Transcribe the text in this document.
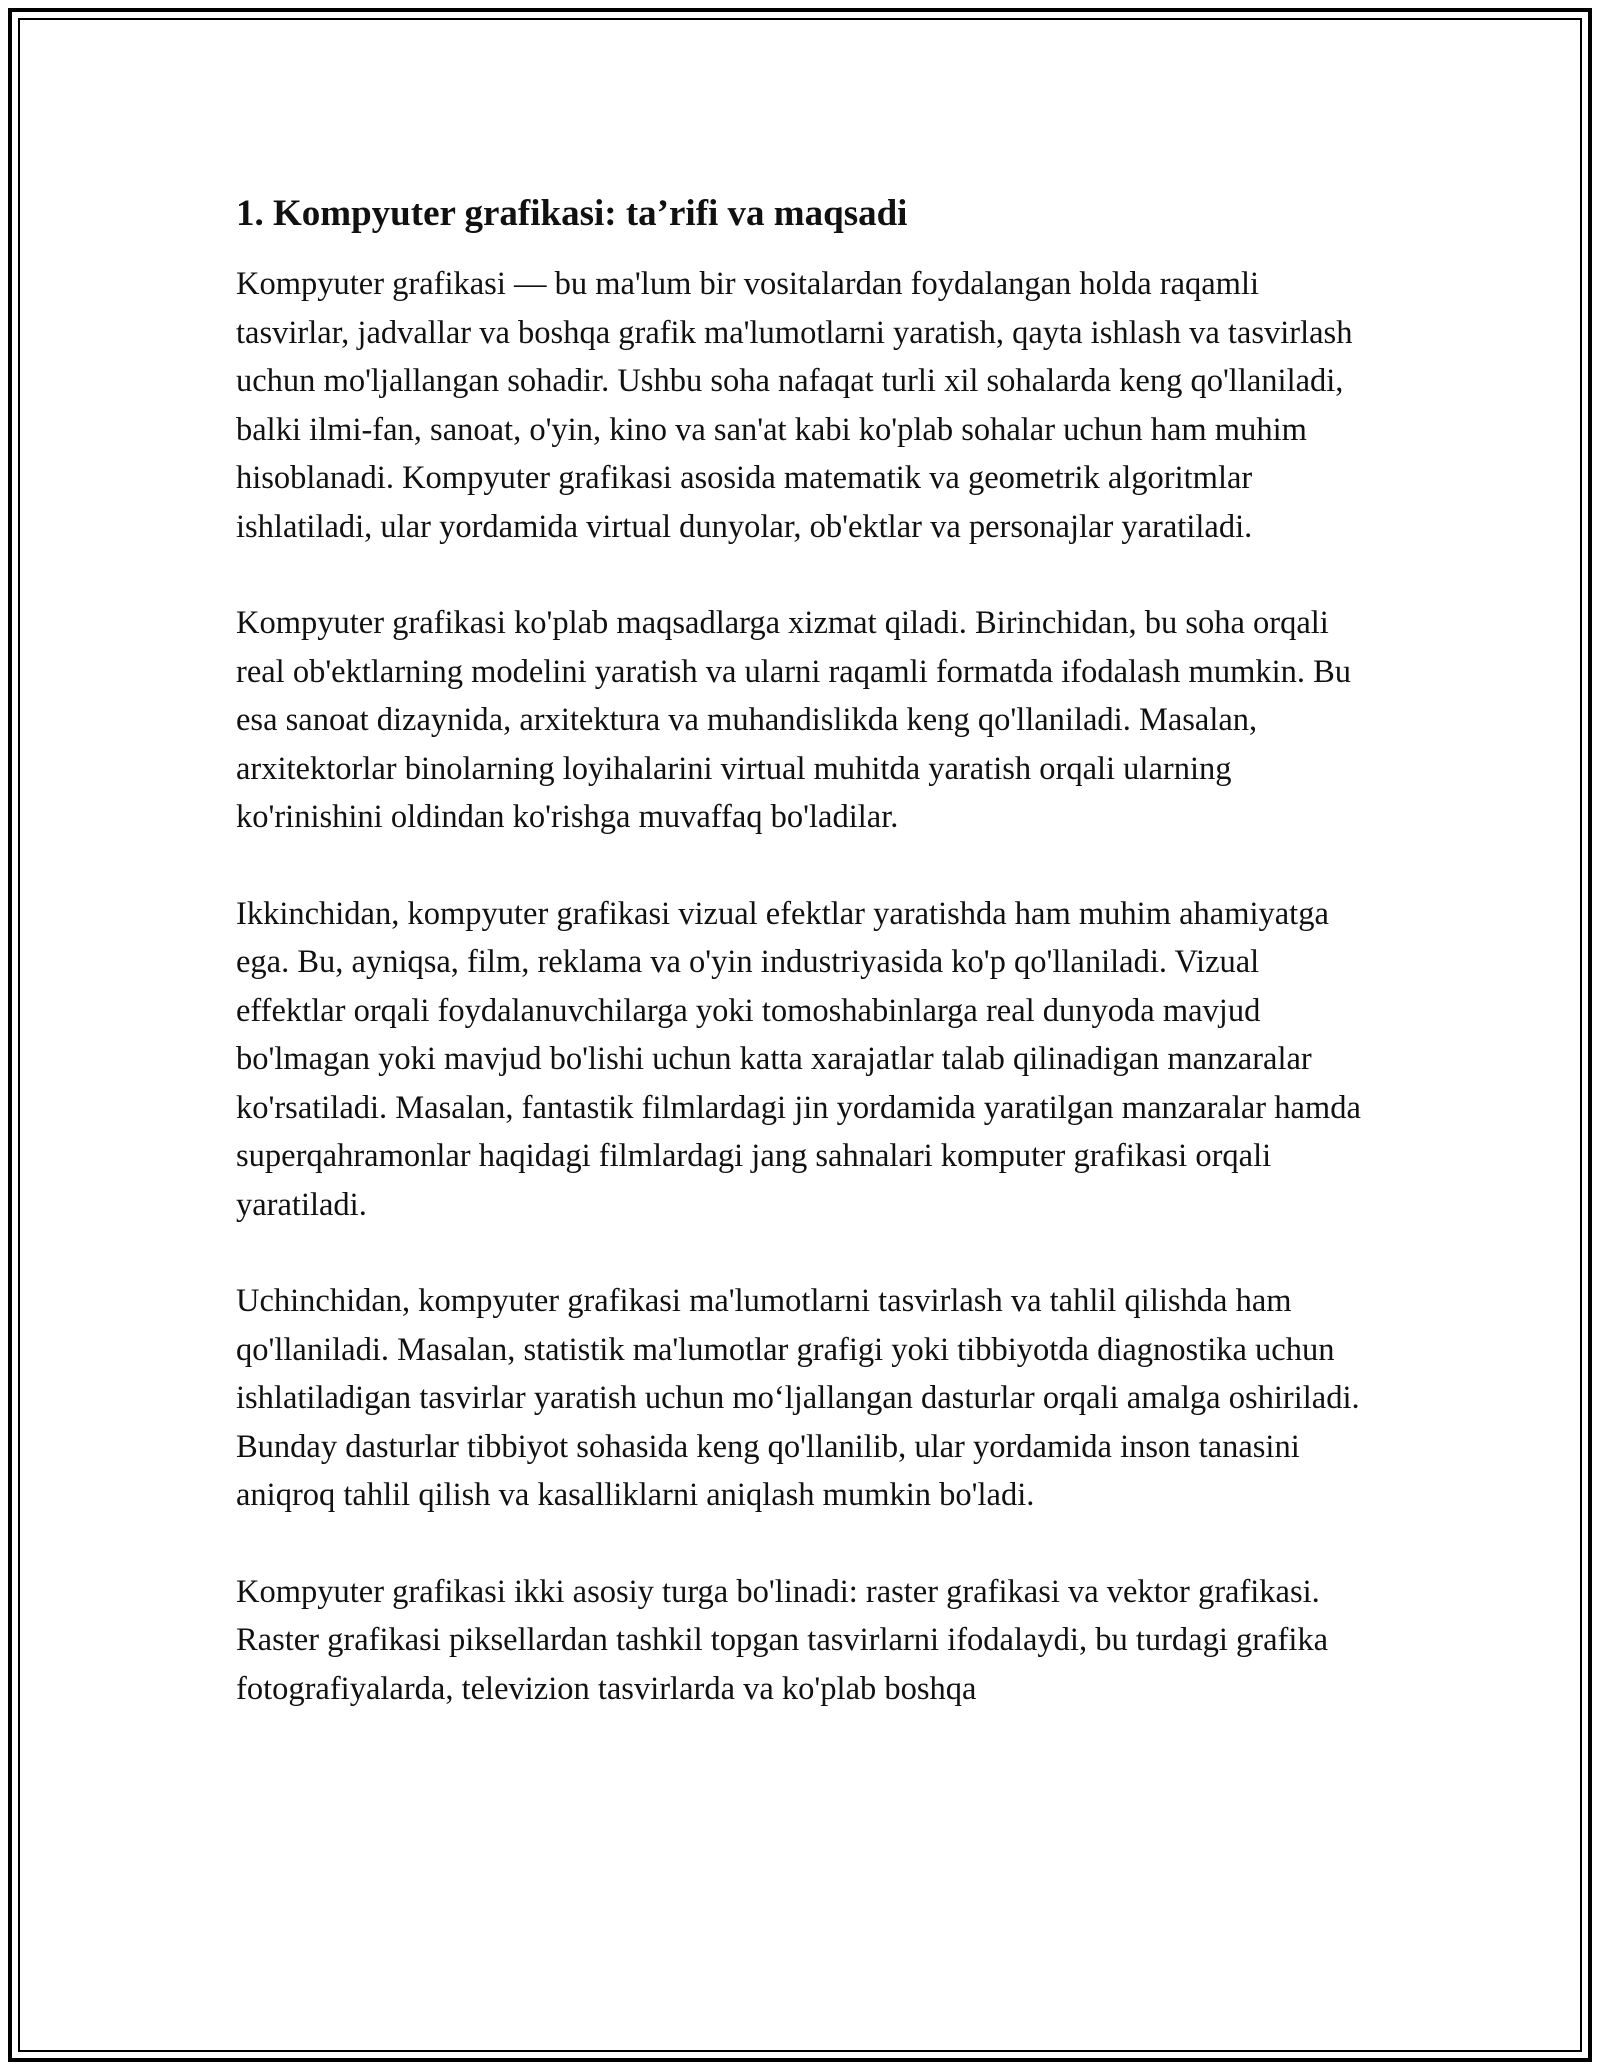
1. Kompyuter grafikasi: ta’rifi va maqsadi

Kompyuter grafikasi — bu ma'lum bir vositalardan foydalangan holda raqamli tasvirlar, jadvallar va boshqa grafik ma'lumotlarni yaratish, qayta ishlash va tasvirlash uchun mo'ljallangan sohadir. Ushbu soha nafaqat turli xil sohalarda keng qo'llaniladi, balki ilmi-fan, sanoat, o'yin, kino va san'at kabi ko'plab sohalar uchun ham muhim hisoblanadi. Kompyuter grafikasi asosida matematik va geometrik algoritmlar ishlatiladi, ular yordamida virtual dunyolar, ob'ektlar va personajlar yaratiladi.

Kompyuter grafikasi ko'plab maqsadlarga xizmat qiladi. Birinchidan, bu soha orqali real ob'ektlarning modelini yaratish va ularni raqamli formatda ifodalash mumkin. Bu esa sanoat dizaynida, arxitektura va muhandislikda keng qo'llaniladi. Masalan, arxitektorlar binolarning loyihalarini virtual muhitda yaratish orqali ularning ko'rinishini oldindan ko'rishga muvaffaq bo'ladilar.

Ikkinchidan, kompyuter grafikasi vizual efektlar yaratishda ham muhim ahamiyatga ega. Bu, ayniqsa, film, reklama va o'yin industriyasida ko'p qo'llaniladi. Vizual effektlar orqali foydalanuvchilarga yoki tomoshabinlarga real dunyoda mavjud bo'lmagan yoki mavjud bo'lishi uchun katta xarajatlar talab qilinadigan manzaralar ko'rsatiladi. Masalan, fantastik filmlardagi jin yordamida yaratilgan manzaralar hamda superqahramonlar haqidagi filmlardagi jang sahnalari komputer grafikasi orqali yaratiladi.

Uchinchidan, kompyuter grafikasi ma'lumotlarni tasvirlash va tahlil qilishda ham qo'llaniladi. Masalan, statistik ma'lumotlar grafigi yoki tibbiyotda diagnostika uchun ishlatiladigan tasvirlar yaratish uchun mo‘ljallangan dasturlar orqali amalga oshiriladi. Bunday dasturlar tibbiyot sohasida keng qo'llanilib, ular yordamida inson tanasini aniqroq tahlil qilish va kasalliklarni aniqlash mumkin bo'ladi.

Kompyuter grafikasi ikki asosiy turga bo'linadi: raster grafikasi va vektor grafikasi. Raster grafikasi piksellardan tashkil topgan tasvirlarni ifodalaydi, bu turdagi grafika fotografiyalarda, televizion tasvirlarda va ko'plab boshqa
